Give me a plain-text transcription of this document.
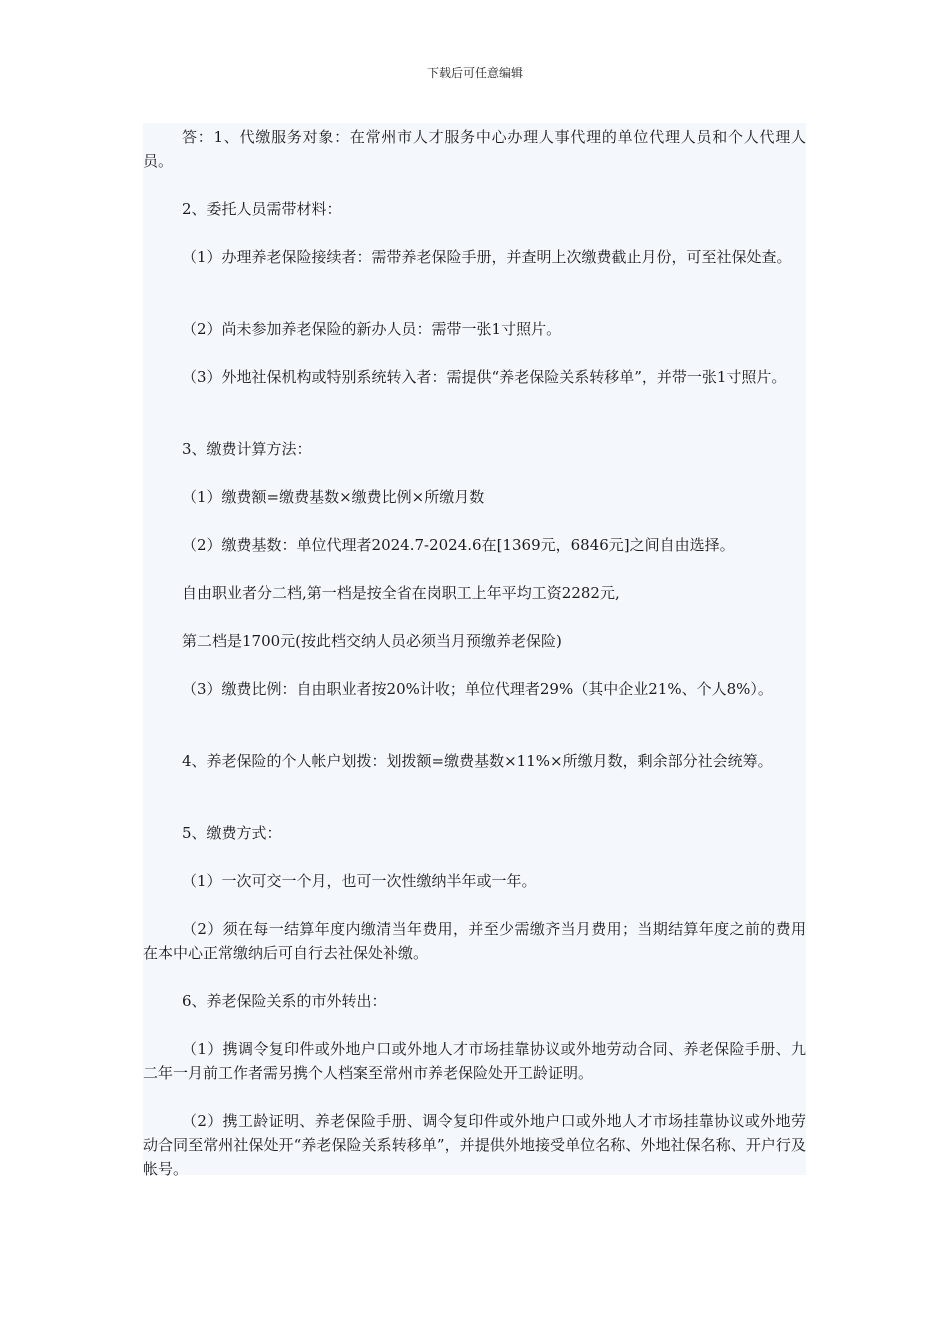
下载后可任意编辑

答：1、代缴服务对象：在常州市人才服务中心办理人事代理的单位代理人员和个人代理人员。

2、委托人员需带材料：

（1）办理养老保险接续者：需带养老保险手册，并查明上次缴费截止月份，可至社保处查。

（2）尚未参加养老保险的新办人员：需带一张1寸照片。

（3）外地社保机构或特别系统转入者：需提供“养老保险关系转移单”，并带一张1寸照片。

3、缴费计算方法：

（1）缴费额=缴费基数×缴费比例×所缴月数

（2）缴费基数：单位代理者2024.7-2024.6在[1369元，6846元]之间自由选择。

自由职业者分二档,第一档是按全省在岗职工上年平均工资2282元,

第二档是1700元(按此档交纳人员必须当月预缴养老保险)

（3）缴费比例：自由职业者按20%计收；单位代理者29%（其中企业21%、个人8%）。

4、养老保险的个人帐户划拨：划拨额=缴费基数×11%×所缴月数，剩余部分社会统筹。

5、缴费方式：

（1）一次可交一个月，也可一次性缴纳半年或一年。

（2）须在每一结算年度内缴清当年费用，并至少需缴齐当月费用；当期结算年度之前的费用在本中心正常缴纳后可自行去社保处补缴。

6、养老保险关系的市外转出：

（1）携调令复印件或外地户口或外地人才市场挂靠协议或外地劳动合同、养老保险手册、九二年一月前工作者需另携个人档案至常州市养老保险处开工龄证明。

（2）携工龄证明、养老保险手册、调令复印件或外地户口或外地人才市场挂靠协议或外地劳动合同至常州社保处开“养老保险关系转移单”，并提供外地接受单位名称、外地社保名称、开户行及帐号。
